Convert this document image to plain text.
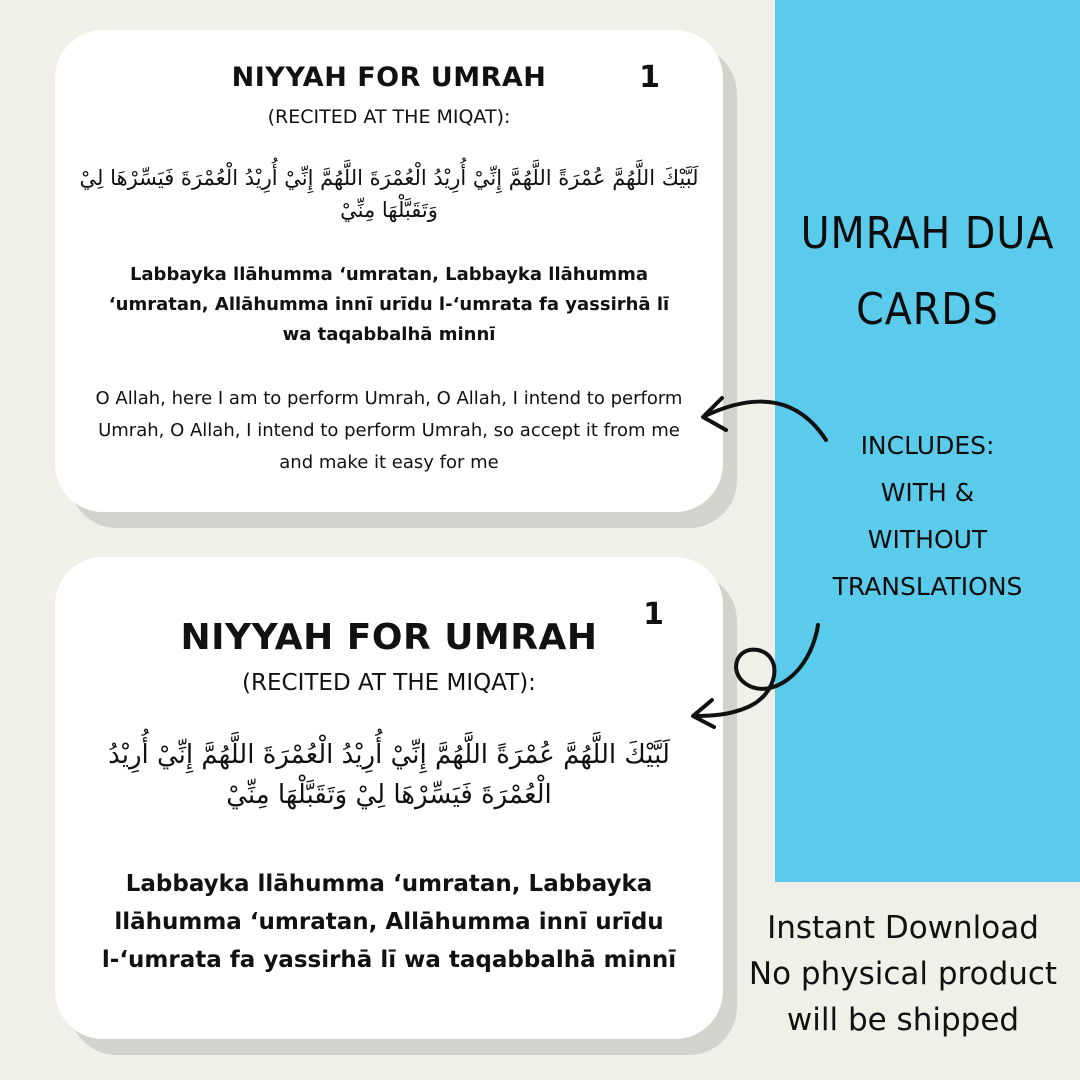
1
NIYYAH FOR UMRAH
(RECITED AT THE MIQAT):
لَبَّيْكَ اللَّهُمَّ عُمْرَةً اللَّهُمَّ إِنِّيْ أُرِيْدُ الْعُمْرَةَ اللَّهُمَّ إِنِّيْ أُرِيْدُ الْعُمْرَةَ فَيَسِّرْهَا لِيْ وَتَقَبَّلْهَا مِنِّيْ
Labbayka llāhumma ‘umratan, Labbayka llāhumma ‘umratan, Allāhumma innī urīdu l-‘umrata fa yassirhā lī wa taqabbalhā minnī
O Allah, here I am to perform Umrah, O Allah, I intend to perform Umrah, O Allah, I intend to perform Umrah, so accept it from me and make it easy for me
1
NIYYAH FOR UMRAH
(RECITED AT THE MIQAT):
لَبَّيْكَ اللَّهُمَّ عُمْرَةً اللَّهُمَّ إِنِّيْ أُرِيْدُ الْعُمْرَةَ اللَّهُمَّ إِنِّيْ أُرِيْدُ الْعُمْرَةَ فَيَسِّرْهَا لِيْ وَتَقَبَّلْهَا مِنِّيْ
Labbayka llāhumma ‘umratan, Labbayka llāhumma ‘umratan, Allāhumma innī urīdu l-‘umrata fa yassirhā lī wa taqabbalhā minnī
UMRAH DUA
CARDS
INCLUDES:
WITH &
WITHOUT
TRANSLATIONS
Instant Download
No physical product
will be shipped
